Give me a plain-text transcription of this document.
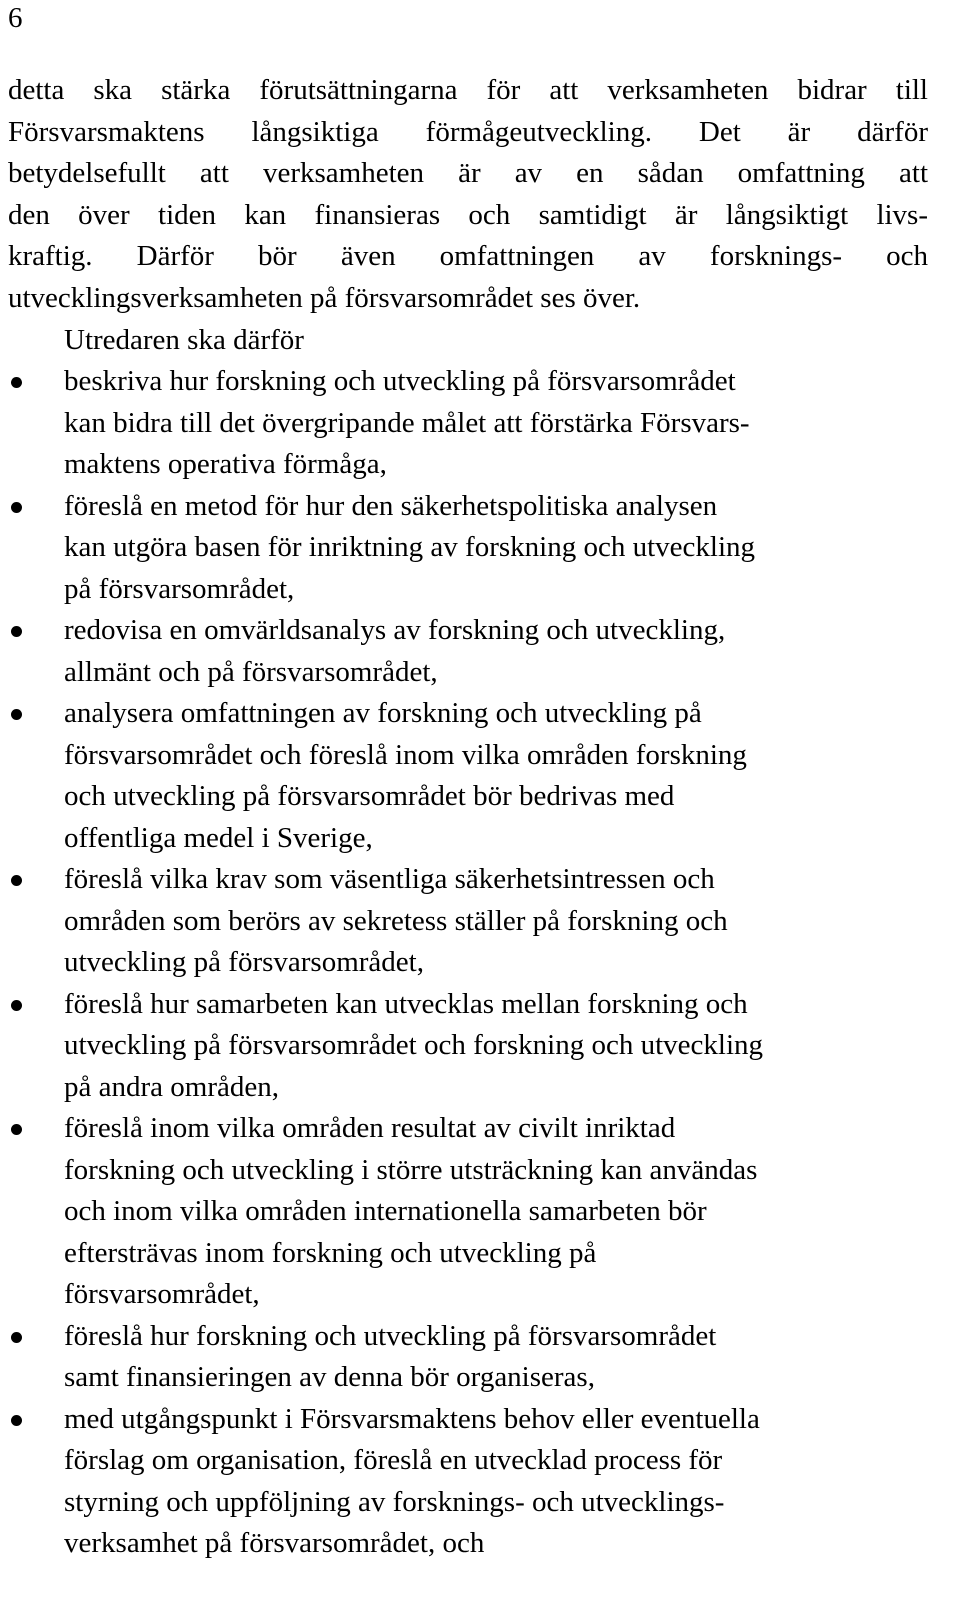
6
detta ska stärka förutsättningarna för att verksamheten bidrar till
Försvarsmaktens långsiktiga förmågeutveckling. Det är därför
betydelsefullt att verksamheten är av en sådan omfattning att
den över tiden kan finansieras och samtidigt är långsiktigt livs-
kraftig. Därför bör även omfattningen av forsknings- och
utvecklingsverksamheten på försvarsområdet ses över.
Utredaren ska därför
beskriva hur forskning och utveckling på försvarsområdet
kan bidra till det övergripande målet att förstärka Försvars-
maktens operativa förmåga,
föreslå en metod för hur den säkerhetspolitiska analysen
kan utgöra basen för inriktning av forskning och utveckling
på försvarsområdet,
redovisa en omvärldsanalys av forskning och utveckling,
allmänt och på försvarsområdet,
analysera omfattningen av forskning och utveckling på
försvarsområdet och föreslå inom vilka områden forskning
och utveckling på försvarsområdet bör bedrivas med
offentliga medel i Sverige,
föreslå vilka krav som väsentliga säkerhetsintressen och
områden som berörs av sekretess ställer på forskning och
utveckling på försvarsområdet,
föreslå hur samarbeten kan utvecklas mellan forskning och
utveckling på försvarsområdet och forskning och utveckling
på andra områden,
föreslå inom vilka områden resultat av civilt inriktad
forskning och utveckling i större utsträckning kan användas
och inom vilka områden internationella samarbeten bör
eftersträvas inom forskning och utveckling på
försvarsområdet,
föreslå hur forskning och utveckling på försvarsområdet
samt finansieringen av denna bör organiseras,
med utgångspunkt i Försvarsmaktens behov eller eventuella
förslag om organisation, föreslå en utvecklad process för
styrning och uppföljning av forsknings- och utvecklings-
verksamhet på försvarsområdet, och
